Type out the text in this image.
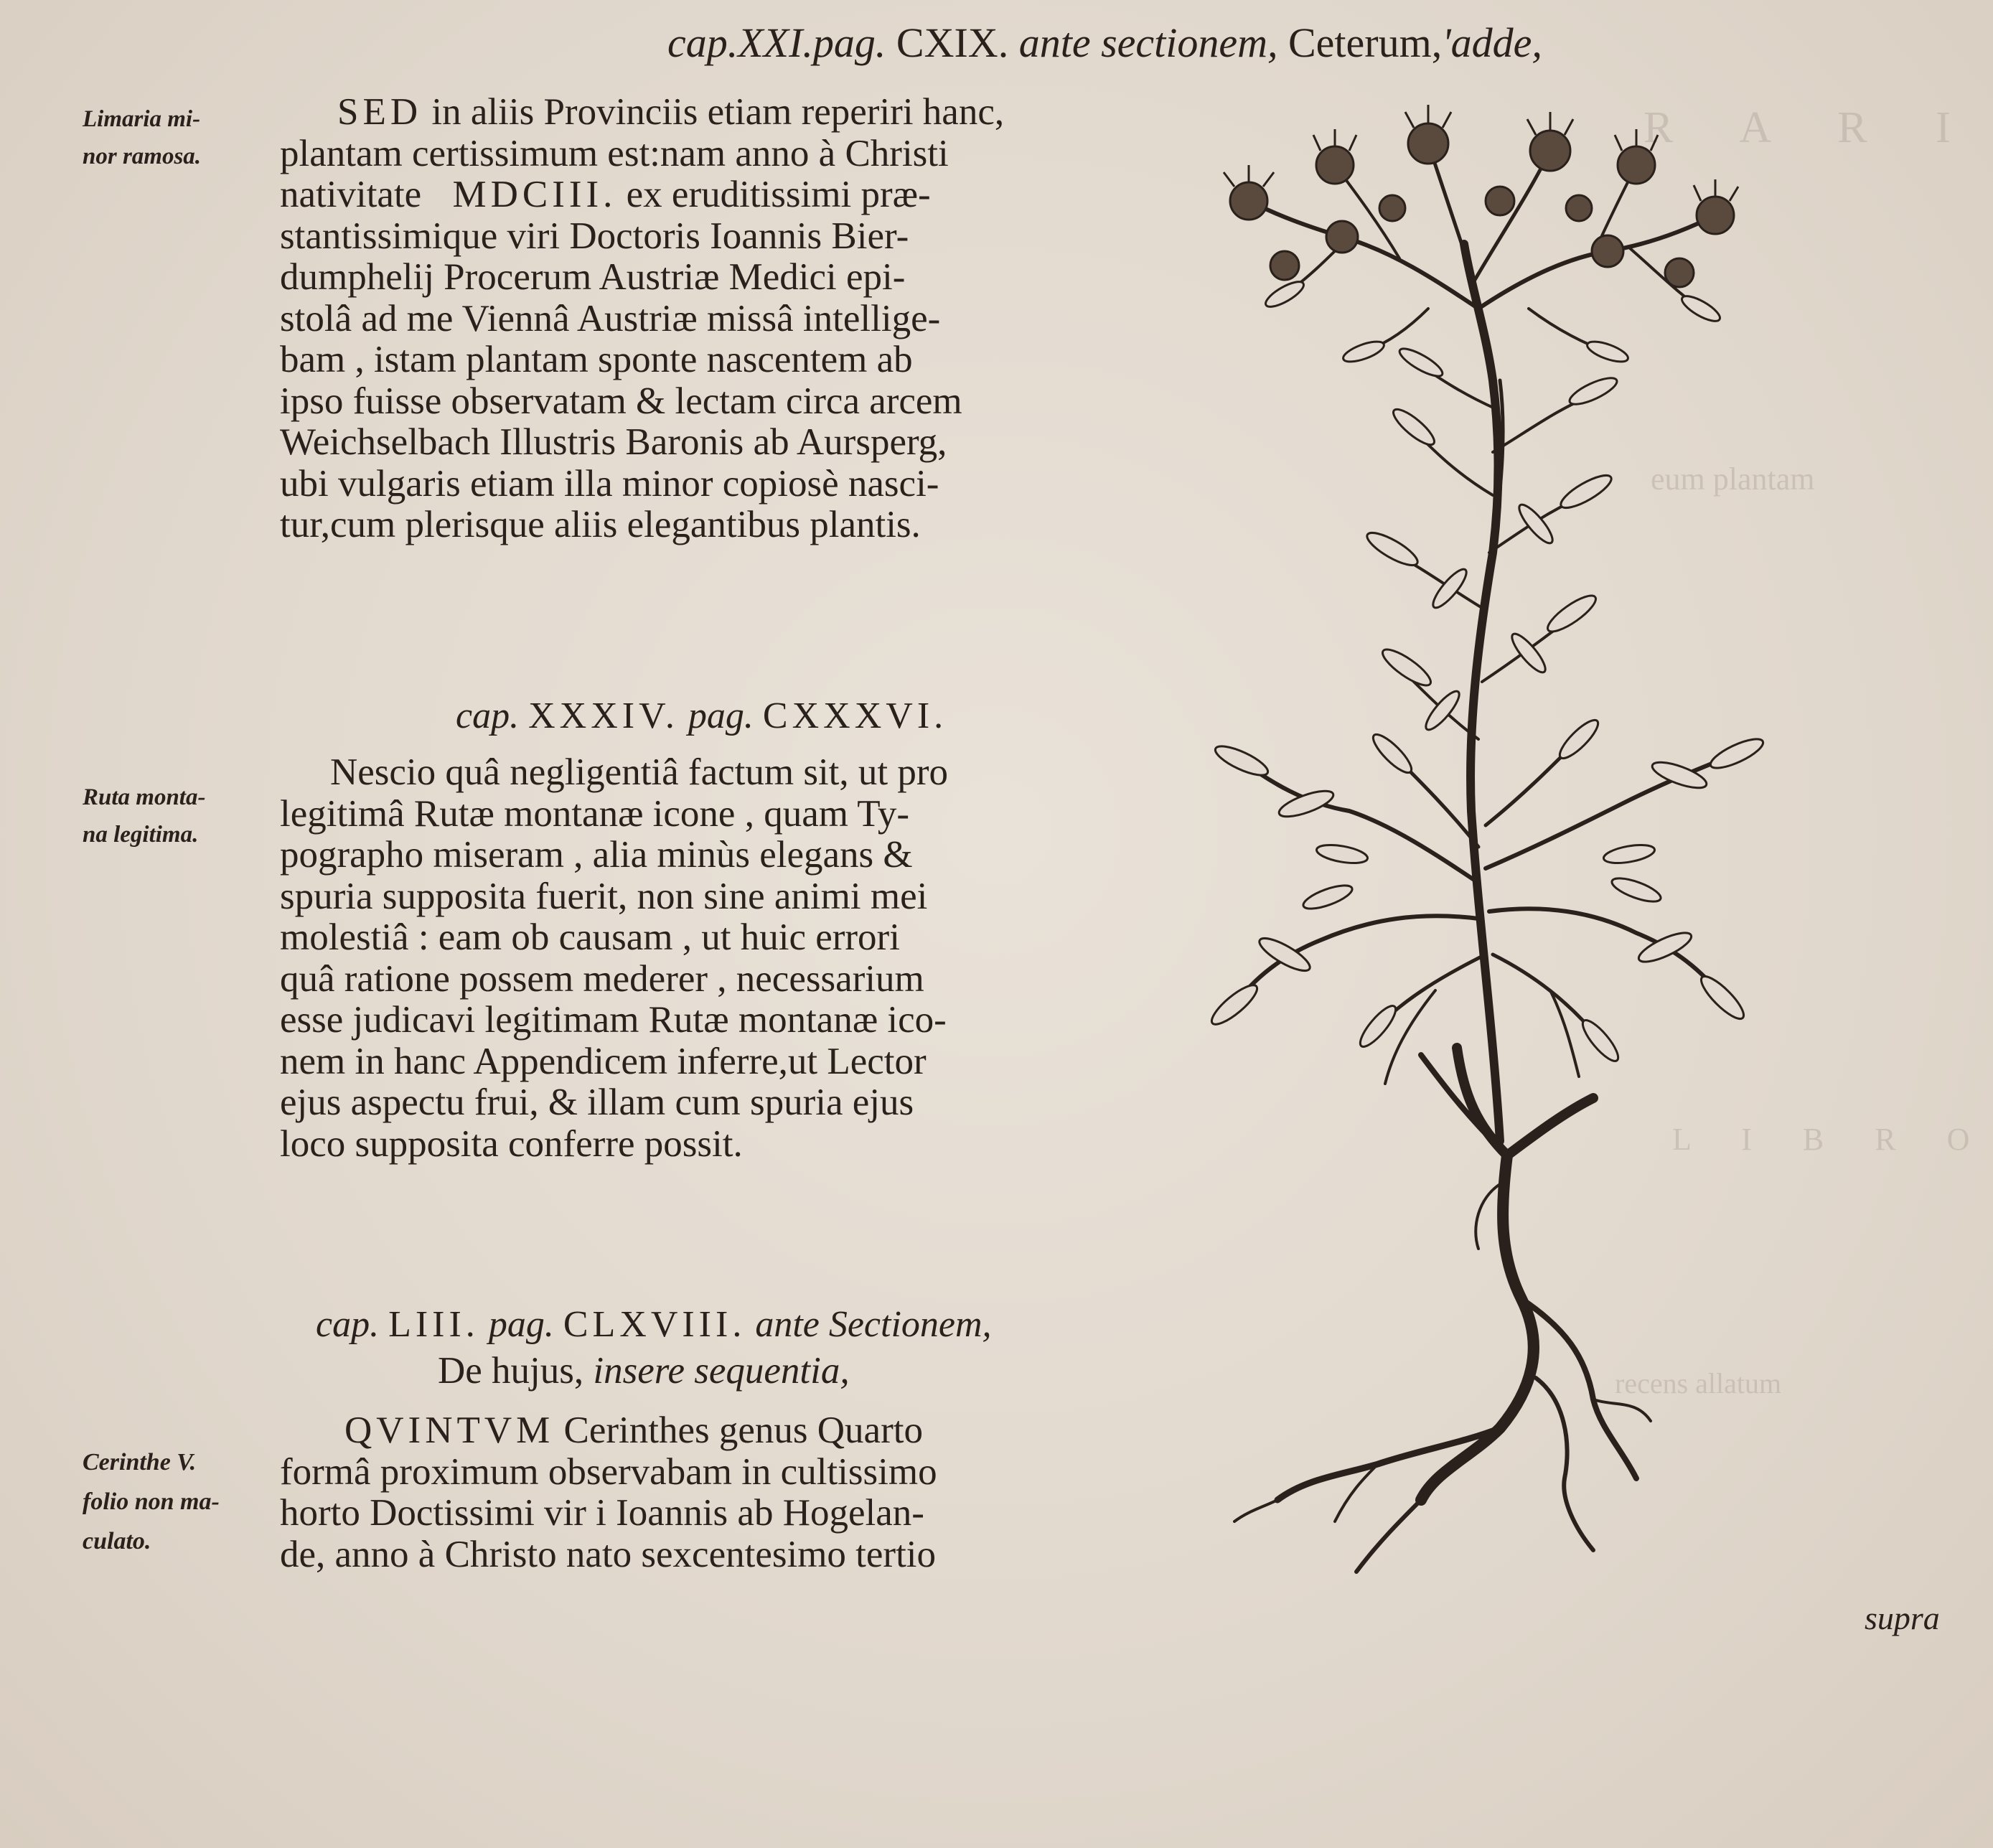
R A R I
eum plantam
L I B R O
recens allatum
cap.XXI.pag. CXIX. ante sectionem, Ceterum,'adde,

Limaria mi-

nor ramosa.

Ruta monta-

na legitima.

Cerinthe V.

folio non ma-

culato.

SED in aliis Provinciis etiam reperiri hanc,

plantam certissimum est:nam anno à Christi

nativitate MDCIII. ex eruditissimi præ-

stantissimique viri Doctoris Ioannis Bier-

dumphelij Procerum Austriæ Medici epi-

stolâ ad me Viennâ Austriæ missâ intellige-

bam , istam plantam sponte nascentem ab

ipso fuisse observatam & lectam circa arcem

Weichselbach Illustris Baronis ab Aursperg,

ubi vulgaris etiam illa minor copiosè nasci-

tur,cum plerisque aliis elegantibus plantis.

cap. XXXIV. pag. CXXXVI.

Nescio quâ negligentiâ factum sit, ut pro

legitimâ Rutæ montanæ icone , quam Ty-

pographo miseram , alia minùs elegans &

spuria supposita fuerit, non sine animi mei

molestiâ : eam ob causam , ut huic errori

quâ ratione possem mederer , necessarium

esse judicavi legitimam Rutæ montanæ ico-

nem in hanc Appendicem inferre,ut Lector

ejus aspectu frui, & illam cum spuria ejus

loco supposita conferre possit.

cap. LIII. pag. CLXVIII. ante Sectionem,
De hujus, insere sequentia,

QVINTVM Cerinthes genus Quarto

formâ proximum observabam in cultissimo

horto Doctissimi vir i Ioannis ab Hogelan-

de, anno à Christo nato sexcentesimo tertio

supra
